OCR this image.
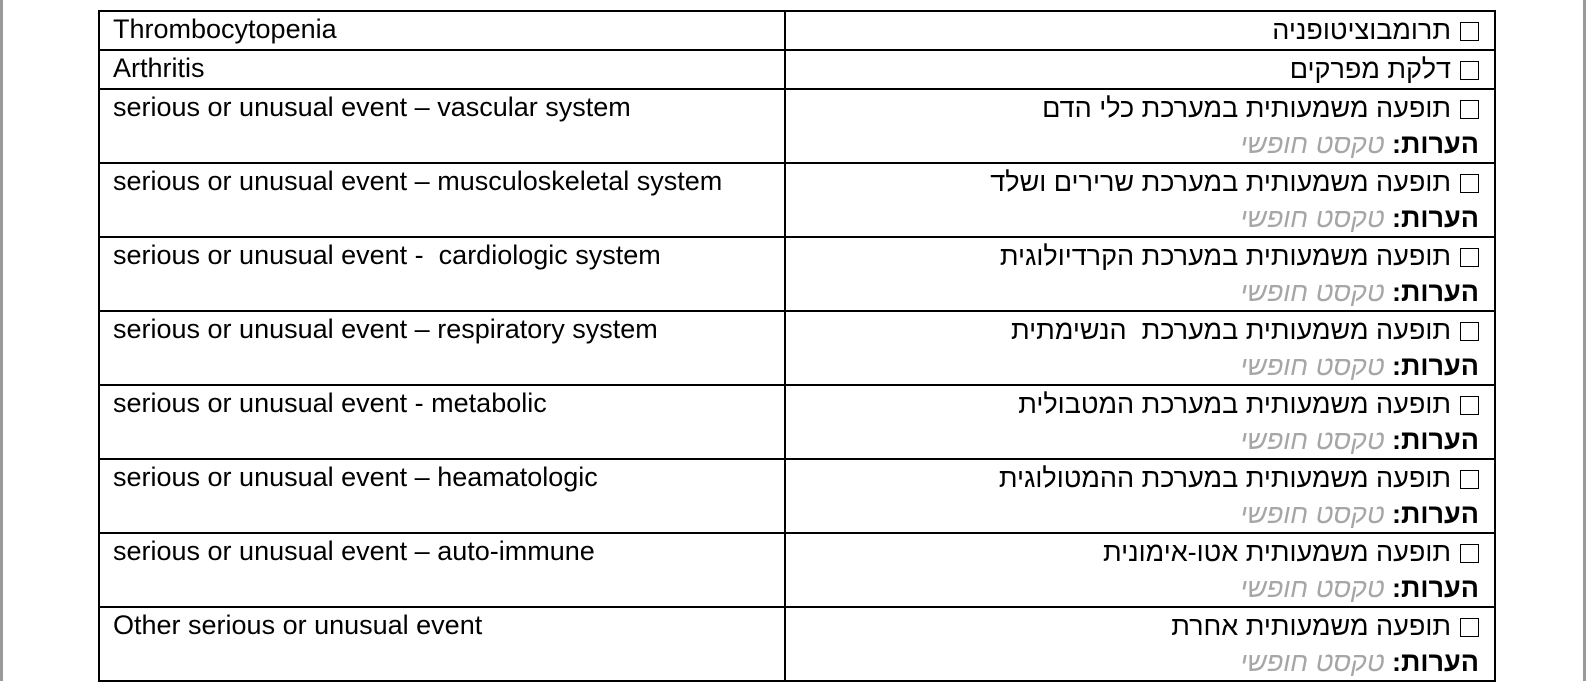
Thrombocytopenia	תרומבוציטופניה

Arthritis	דלקת מפרקים

serious or unusual event – vascular system	תופעה משמעותית במערכת כלי הדם
הערות: טקסט חופשי

serious or unusual event – musculoskeletal system	תופעה משמעותית במערכת שרירים ושלד
הערות: טקסט חופשי

serious or unusual event -  cardiologic system	תופעה משמעותית במערכת הקרדיולוגית
הערות: טקסט חופשי

serious or unusual event – respiratory system	תופעה משמעותית במערכת  הנשימתית
הערות: טקסט חופשי

serious or unusual event - metabolic	תופעה משמעותית במערכת המטבולית
הערות: טקסט חופשי

serious or unusual event – heamatologic	תופעה משמעותית במערכת ההמטולוגית
הערות: טקסט חופשי

serious or unusual event – auto-immune	תופעה משמעותית אטו-אימונית
הערות: טקסט חופשי

Other serious or unusual event	תופעה משמעותית אחרת
הערות: טקסט חופשי
